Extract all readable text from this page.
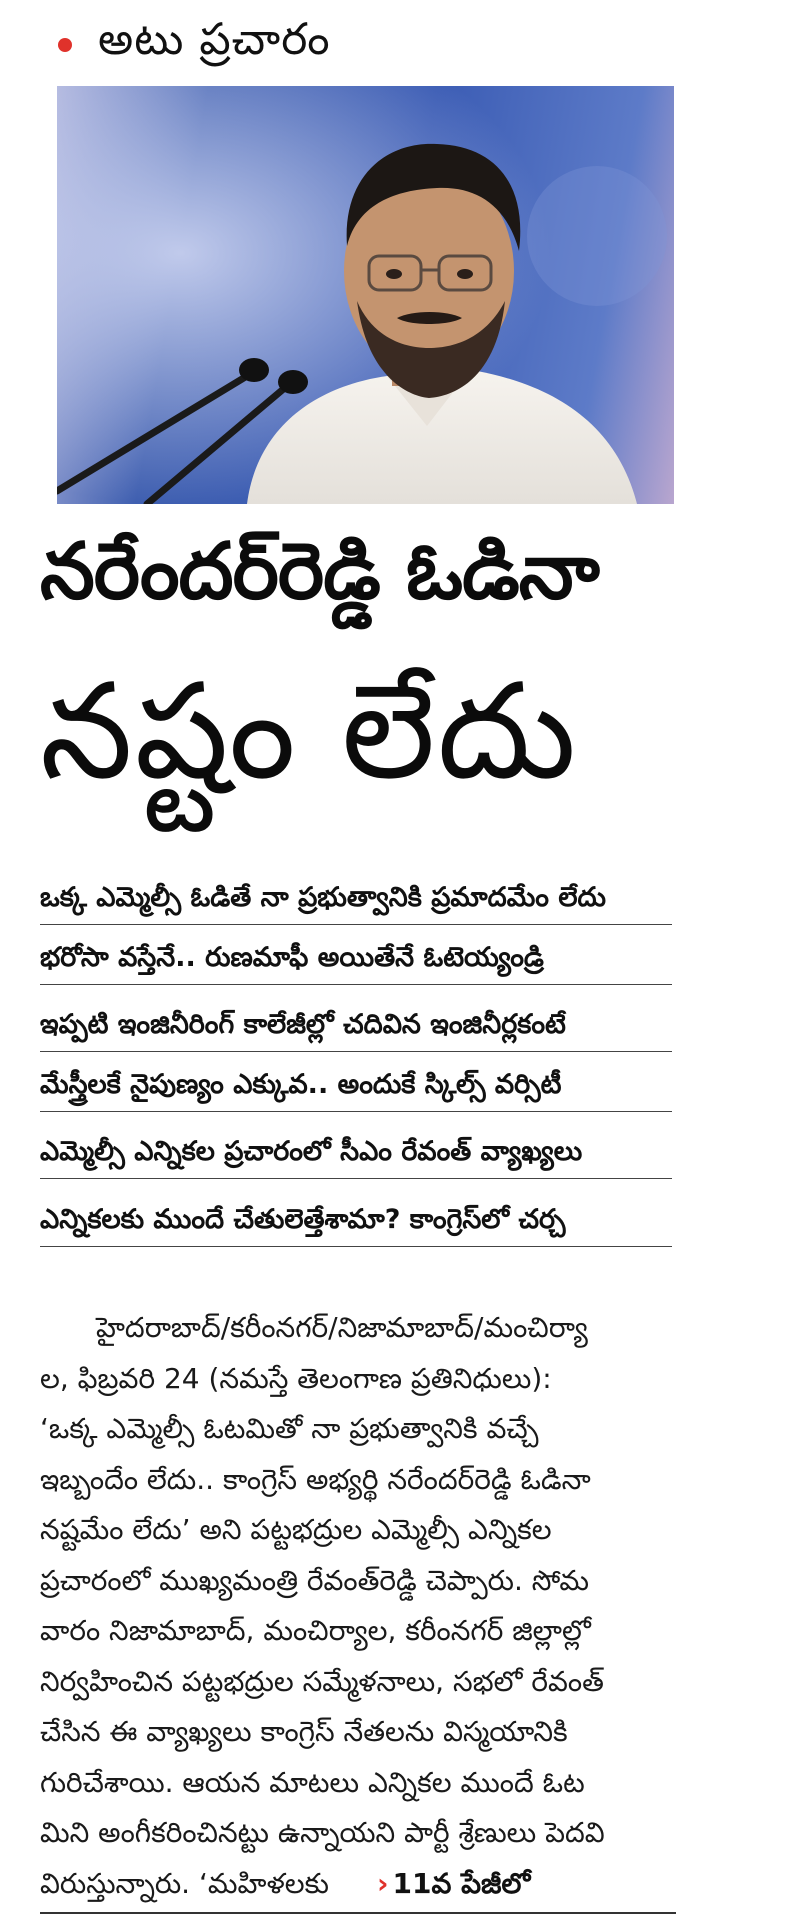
అటు ప్రచారం
నరేందర్‌రెడ్డి ఓడినా
నష్టం లేదు
ఒక్క ఎమ్మెల్సీ ఓడితే నా ప్రభుత్వానికి ప్రమాదమేం లేదు
భరోసా వస్తేనే.. రుణమాఫీ అయితేనే ఓటెయ్యండ్రి
ఇప్పటి ఇంజినీరింగ్ కాలేజీల్లో చదివిన ఇంజినీర్లకంటే
మేస్త్రీలకే నైపుణ్యం ఎక్కువ.. అందుకే స్కిల్స్ వర్సిటీ
ఎమ్మెల్సీ ఎన్నికల ప్రచారంలో సీఎం రేవంత్ వ్యాఖ్యలు
ఎన్నికలకు ముందే చేతులెత్తేశామా? కాంగ్రెస్‌లో చర్చ

హైదరాబాద్/కరీంనగర్/నిజామాబాద్/మంచిర్యా

ల, ఫిబ్రవరి 24 (నమస్తే తెలంగాణ ప్రతినిధులు):

‘ఒక్క ఎమ్మెల్సీ ఓటమితో నా ప్రభుత్వానికి వచ్చే

ఇబ్బందేం లేదు.. కాంగ్రెస్ అభ్యర్థి నరేందర్‌రెడ్డి ఓడినా

నష్టమేం లేదు’ అని పట్టభద్రుల ఎమ్మెల్సీ ఎన్నికల

ప్రచారంలో ముఖ్యమంత్రి రేవంత్‌రెడ్డి చెప్పారు. సోమ

వారం నిజామాబాద్, మంచిర్యాల, కరీంనగర్ జిల్లాల్లో

నిర్వహించిన పట్టభద్రుల సమ్మేళనాలు, సభలో రేవంత్

చేసిన ఈ వ్యాఖ్యలు కాంగ్రెస్ నేతలను విస్మయానికి

గురిచేశాయి. ఆయన మాటలు ఎన్నికల ముందే ఓట

మిని అంగీకరించినట్టు ఉన్నాయని పార్టీ శ్రేణులు పెదవి

విరుస్తున్నారు. ‘మహిళలకు › 11వ పేజీలో
